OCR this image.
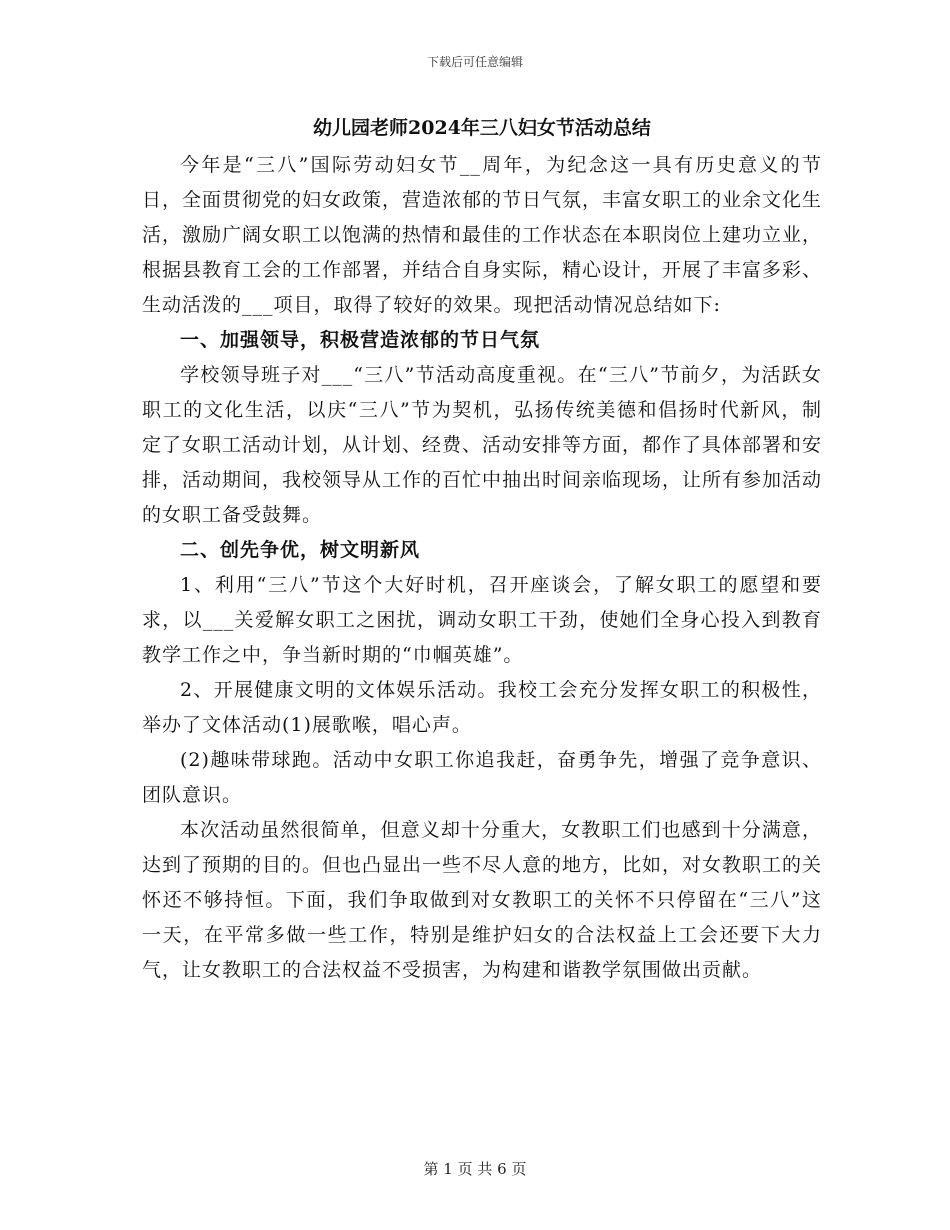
下载后可任意编辑
幼儿园老师2024年三八妇女节活动总结

今年是“三八”国际劳动妇女节__周年，为纪念这一具有历史意义的节日，全面贯彻党的妇女政策，营造浓郁的节日气氛，丰富女职工的业余文化生活，激励广阔女职工以饱满的热情和最佳的工作状态在本职岗位上建功立业，根据县教育工会的工作部署，并结合自身实际，精心设计，开展了丰富多彩、生动活泼的___项目，取得了较好的效果。现把活动情况总结如下:

一、加强领导，积极营造浓郁的节日气氛

学校领导班子对___“三八”节活动高度重视。在“三八”节前夕，为活跃女职工的文化生活，以庆“三八”节为契机，弘扬传统美德和倡扬时代新风，制定了女职工活动计划，从计划、经费、活动安排等方面，都作了具体部署和安排，活动期间，我校领导从工作的百忙中抽出时间亲临现场，让所有参加活动的女职工备受鼓舞。

二、创先争优，树文明新风

1、利用“三八”节这个大好时机，召开座谈会，了解女职工的愿望和要求，以___关爱解女职工之困扰，调动女职工干劲，使她们全身心投入到教育教学工作之中，争当新时期的“巾帼英雄”。

2、开展健康文明的文体娱乐活动。我校工会充分发挥女职工的积极性，举办了文体活动(1)展歌喉，唱心声。

(2)趣味带球跑。活动中女职工你追我赶，奋勇争先，增强了竞争意识、团队意识。

本次活动虽然很简单，但意义却十分重大，女教职工们也感到十分满意，达到了预期的目的。但也凸显出一些不尽人意的地方，比如，对女教职工的关怀还不够持恒。下面，我们争取做到对女教职工的关怀不只停留在“三八”这一天，在平常多做一些工作，特别是维护妇女的合法权益上工会还要下大力气，让女教职工的合法权益不受损害，为构建和谐教学氛围做出贡献。

第 1 页 共 6 页
